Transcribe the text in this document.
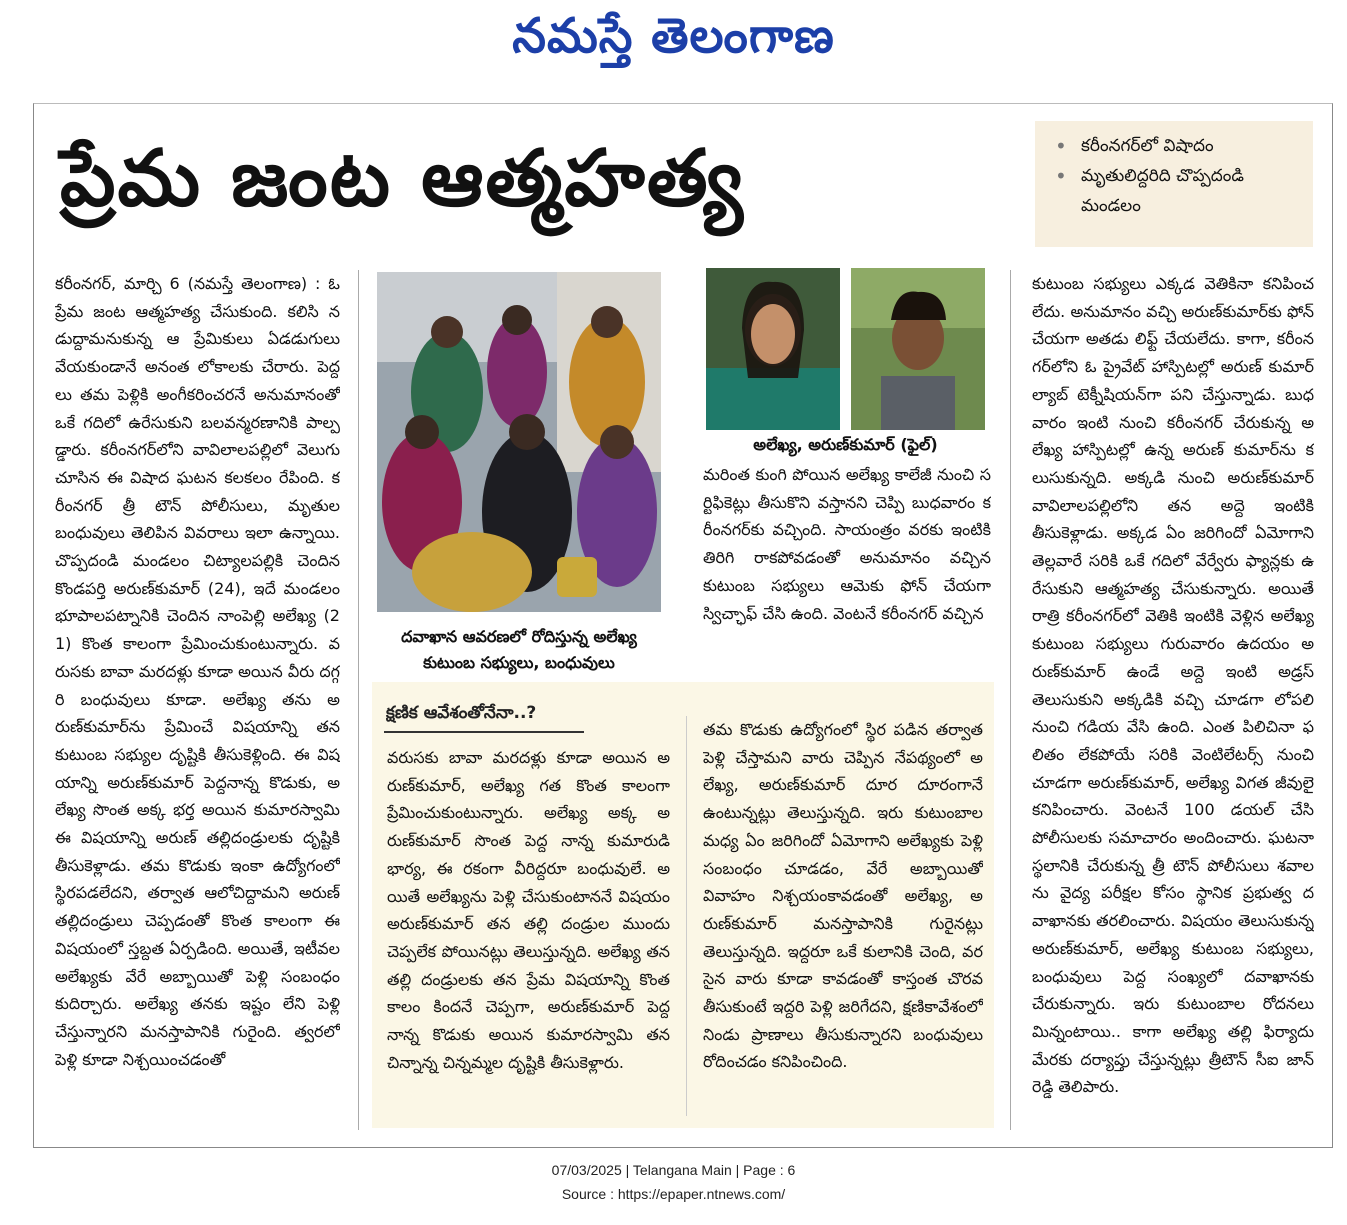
నమస్తే తెలంగాణ
ప్రేమ జంట ఆత్మహత్య	• కరీంనగర్‌లో విషాదం
• మృతులిద్దరిది చొప్పదండి మండలం
కరీంనగర్, మార్చి 6 (నమస్తే తెలంగాణ) : ఓ ప్రేమ జంట ఆత్మహత్య చేసుకుంది. కలిసి నడుద్దామనుకున్న ఆ ప్రేమికులు ఏడడుగులు వేయకుండానే అనంత లోకాలకు చేరారు. పెద్దలు తమ పెళ్లికి అంగీకరించరనే అనుమానంతో ఒకే గదిలో ఉరేసుకుని బలవన్మరణానికి పాల్పడ్డారు. కరీంనగర్‌లోని వావిలాలపల్లిలో వెలుగు చూసిన ఈ విషాద ఘటన కలకలం రేపింది. కరీంనగర్ త్రీ టౌన్ పోలీసులు, మృతుల బంధువులు తెలిపిన వివరాలు ఇలా ఉన్నాయి. చొప్పదండి మండలం చిట్యాలపల్లికి చెందిన కొండపర్తి అరుణ్‌కుమార్ (24), ఇదే మండలం భూపాలపట్నానికి చెందిన నాంపెల్లి అలేఖ్య (21) కొంత కాలంగా ప్రేమించుకుంటున్నారు. వరుసకు బావా మరదళ్లు కూడా అయిన వీరు దగ్గరి బంధువులు కూడా. అలేఖ్య తను అరుణ్‌కుమార్‌ను ప్రేమించే విషయాన్ని తన కుటుంబ సభ్యుల దృష్టికి తీసుకెళ్లింది. ఈ విషయాన్ని అరుణ్‌కుమార్ పెద్దనాన్న కొడుకు, అలేఖ్య సొంత అక్క భర్త అయిన కుమారస్వామి ఈ విషయాన్ని అరుణ్ తల్లిదండ్రులకు దృష్టికి తీసుకెళ్లాడు. తమ కొడుకు ఇంకా ఉద్యోగంలో స్థిరపడలేదని, తర్వాత ఆలోచిద్దామని అరుణ్ తల్లిదండ్రులు చెప్పడంతో కొంత కాలంగా ఈ విషయంలో స్తబ్దత ఏర్పడింది. అయితే, ఇటీవల అలేఖ్యకు వేరే అబ్బాయితో పెళ్లి సంబంధం కుదిర్చారు. అలేఖ్య తనకు ఇష్టం లేని పెళ్లి చేస్తున్నారని మనస్తాపానికి గురైంది. త్వరలో పెళ్లి కూడా నిశ్చయించడంతో
దవాఖాన ఆవరణలో రోదిస్తున్న అలేఖ్య
కుటుంబ సభ్యులు, బంధువులు
అలేఖ్య, అరుణ్‌కుమార్ (ఫైల్)
మరింత కుంగి పోయిన అలేఖ్య కాలేజీ నుంచి సర్టిఫికెట్లు తీసుకొని వస్తానని చెప్పి బుధవారం కరీంనగర్‌కు వచ్చింది. సాయంత్రం వరకు ఇంటికి తిరిగి రాకపోవడంతో అనుమానం వచ్చిన కుటుంబ సభ్యులు ఆమెకు ఫోన్ చేయగా స్విచ్ఛాఫ్ చేసి ఉంది. వెంటనే కరీంనగర్ వచ్చిన
క్షణిక ఆవేశంతోనేనా..?
వరుసకు బావా మరదళ్లు కూడా అయిన అరుణ్‌కుమార్, అలేఖ్య గత కొంత కాలంగా ప్రేమించుకుంటున్నారు. అలేఖ్య అక్క అరుణ్‌కుమార్ సొంత పెద్ద నాన్న కుమారుడి భార్య, ఈ రకంగా వీరిద్దరూ బంధువులే. అయితే అలేఖ్యను పెళ్లి చేసుకుంటాననే విషయం అరుణ్‌కుమార్ తన తల్లి దండ్రుల ముందు చెప్పలేక పోయినట్లు తెలుస్తున్నది. అలేఖ్య తన తల్లి దండ్రులకు తన ప్రేమ విషయాన్ని కొంత కాలం కిందనే చెప్పగా, అరుణ్‌కుమార్ పెద్ద నాన్న కొడుకు అయిన కుమారస్వామి తన చిన్నాన్న చిన్నమ్మల దృష్టికి తీసుకెళ్లారు.
తమ కొడుకు ఉద్యోగంలో స్థిర పడిన తర్వాత పెళ్లి చేస్తామని వారు చెప్పిన నేపథ్యంలో అలేఖ్య, అరుణ్‌కుమార్ దూర దూరంగానే ఉంటున్నట్లు తెలుస్తున్నది. ఇరు కుటుంబాల మధ్య ఏం జరిగిందో ఏమోగాని అలేఖ్యకు పెళ్లి సంబంధం చూడడం, వేరే అబ్బాయితో వివాహం నిశ్చయంకావడంతో అలేఖ్య, అరుణ్‌కుమార్ మనస్తాపానికి గురైనట్లు తెలుస్తున్నది. ఇద్దరూ ఒకే కులానికి చెంది, వరసైన వారు కూడా కావడంతో కాస్తంత చొరవ తీసుకుంటే ఇద్దరి పెళ్లి జరిగేదని, క్షణికావేశంలో నిండు ప్రాణాలు తీసుకున్నారని బంధువులు రోదించడం కనిపించింది.
కుటుంబ సభ్యులు ఎక్కడ వెతికినా కనిపించలేదు. అనుమానం వచ్చి అరుణ్‌కుమార్‌కు ఫోన్ చేయగా అతడు లిఫ్ట్ చేయలేదు. కాగా, కరీంనగర్‌లోని ఓ ప్రైవేట్ హాస్పిటల్లో అరుణ్ కుమార్ ల్యాబ్ టెక్నీషియన్‌గా పని చేస్తున్నాడు. బుధవారం ఇంటి నుంచి కరీంనగర్ చేరుకున్న అలేఖ్య హాస్పిటల్లో ఉన్న అరుణ్ కుమార్‌ను కలుసుకున్నది. అక్కడి నుంచి అరుణ్‌కుమార్ వావిలాలపల్లిలోని తన అద్దె ఇంటికి తీసుకెళ్లాడు. అక్కడ ఏం జరిగిందో ఏమోగాని తెల్లవారే సరికి ఒకే గదిలో వేర్వేరు ఫ్యాన్లకు ఉరేసుకుని ఆత్మహత్య చేసుకున్నారు. అయితే రాత్రి కరీంనగర్‌లో వెతికి ఇంటికి వెళ్లిన అలేఖ్య కుటుంబ సభ్యులు గురువారం ఉదయం అరుణ్‌కుమార్ ఉండే అద్దె ఇంటి అడ్రస్ తెలుసుకుని అక్కడికి వచ్చి చూడగా లోపలి నుంచి గడియ వేసి ఉంది. ఎంత పిలిచినా ఫలితం లేకపోయే సరికి వెంటిలేటర్స్ నుంచి చూడగా అరుణ్‌కుమార్, అలేఖ్య విగత జీవులై కనిపించారు. వెంటనే 100 డయల్ చేసి పోలీసులకు సమాచారం అందించారు. ఘటనా స్థలానికి చేరుకున్న త్రీ టౌన్ పోలీసులు శవాలను వైద్య పరీక్షల కోసం స్థానిక ప్రభుత్వ దవాఖానకు తరలించారు. విషయం తెలుసుకున్న అరుణ్‌కుమార్, అలేఖ్య కుటుంబ సభ్యులు, బంధువులు పెద్ద సంఖ్యలో దవాఖానకు చేరుకున్నారు. ఇరు కుటుంబాల రోదనలు మిన్నంటాయి.. కాగా అలేఖ్య తల్లి ఫిర్యాదు మేరకు దర్యాప్తు చేస్తున్నట్లు త్రీటౌన్ సీఐ జాన్ రెడ్డి తెలిపారు.
07/03/2025 | Telangana Main | Page : 6
Source : https://epaper.ntnews.com/
